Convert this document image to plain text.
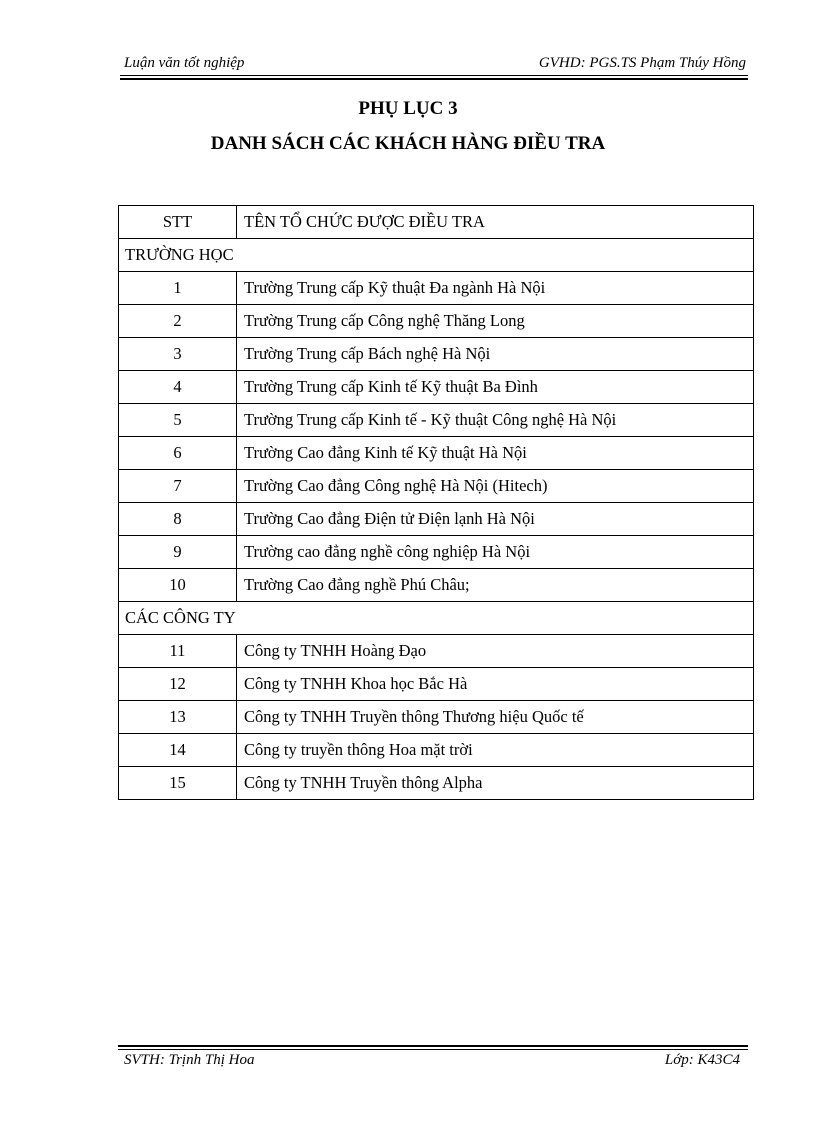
Luận văn tốt nghiệp	GVHD: PGS.TS Phạm Thúy Hồng
PHỤ LỤC 3
DANH SÁCH CÁC KHÁCH HÀNG ĐIỀU TRA
STT	TÊN TỔ CHỨC ĐƯỢC ĐIỀU TRA
TRƯỜNG HỌC	
1	Trường Trung cấp Kỹ thuật Đa ngành Hà Nội
2	Trường Trung cấp Công nghệ Thăng Long
3	Trường Trung cấp Bách nghệ Hà Nội
4	Trường Trung cấp Kinh tế Kỹ thuật Ba Đình
5	Trường Trung cấp Kinh tế - Kỹ thuật Công nghệ Hà Nội
6	Trường Cao đẳng Kinh tế Kỹ thuật Hà Nội
7	Trường Cao đẳng Công nghệ Hà Nội (Hitech)
8	Trường Cao đẳng Điện tử Điện lạnh Hà Nội
9	Trường cao đẳng nghề công nghiệp Hà Nội
10	Trường Cao đẳng nghề Phú Châu;
CÁC CÔNG TY	
11	Công ty TNHH Hoàng Đạo
12	Công ty TNHH Khoa học Bắc Hà
13	Công ty TNHH Truyền thông Thương hiệu Quốc tế
14	Công ty truyền thông Hoa mặt trời
15	Công ty TNHH Truyền thông Alpha
SVTH: Trịnh Thị Hoa	Lớp: K43C4
